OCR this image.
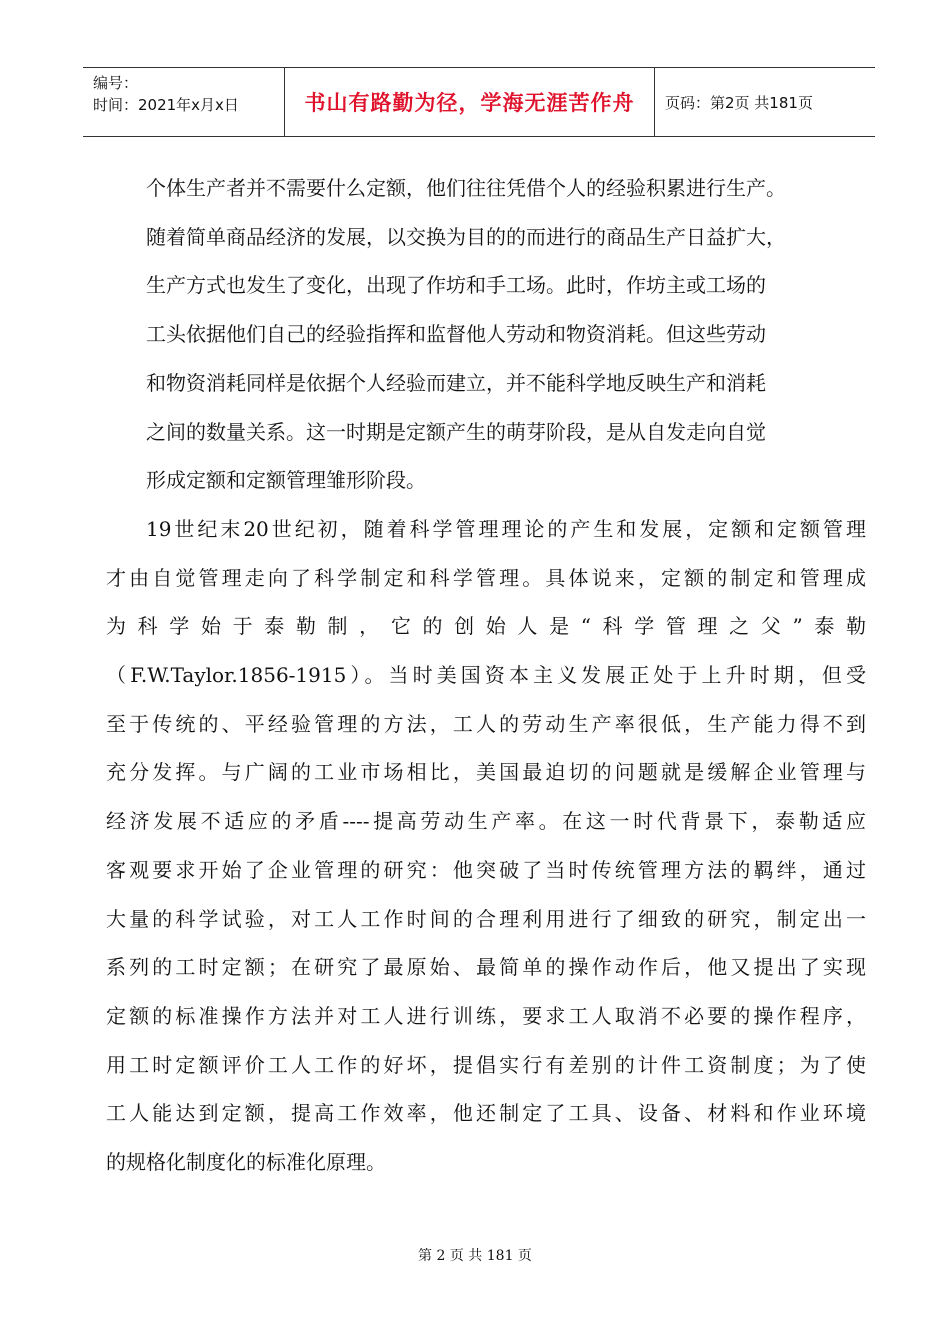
编号：
时间：2021年x月x日	书山有路勤为径，学海无涯苦作舟 页码：第2页 共181页
个体生产者并不需要什么定额，他们往往凭借个人的经验积累进行生产。
随着简单商品经济的发展，以交换为目的的而进行的商品生产日益扩大，
生产方式也发生了变化，出现了作坊和手工场。此时，作坊主或工场的
工头依据他们自己的经验指挥和监督他人劳动和物资消耗。但这些劳动
和物资消耗同样是依据个人经验而建立，并不能科学地反映生产和消耗
之间的数量关系。这一时期是定额产生的萌芽阶段，是从自发走向自觉
形成定额和定额管理雏形阶段。
19世纪末20世纪初，随着科学管理理论的产生和发展，定额和定额管理
才由自觉管理走向了科学制定和科学管理。具体说来，定额的制定和管理成
为科学始于泰勒制，它的创始人是“科学管理之父”泰勒
（F.W.Taylor.1856-1915）。当时美国资本主义发展正处于上升时期，但受
至于传统的、平经验管理的方法，工人的劳动生产率很低，生产能力得不到
充分发挥。与广阔的工业市场相比，美国最迫切的问题就是缓解企业管理与
经济发展不适应的矛盾----提高劳动生产率。在这一时代背景下，泰勒适应
客观要求开始了企业管理的研究：他突破了当时传统管理方法的羁绊，通过
大量的科学试验，对工人工作时间的合理利用进行了细致的研究，制定出一
系列的工时定额；在研究了最原始、最简单的操作动作后，他又提出了实现
定额的标准操作方法并对工人进行训练，要求工人取消不必要的操作程序，
用工时定额评价工人工作的好坏，提倡实行有差别的计件工资制度；为了使
工人能达到定额，提高工作效率，他还制定了工具、设备、材料和作业环境
的规格化制度化的标准化原理。
第 2 页 共 181 页
